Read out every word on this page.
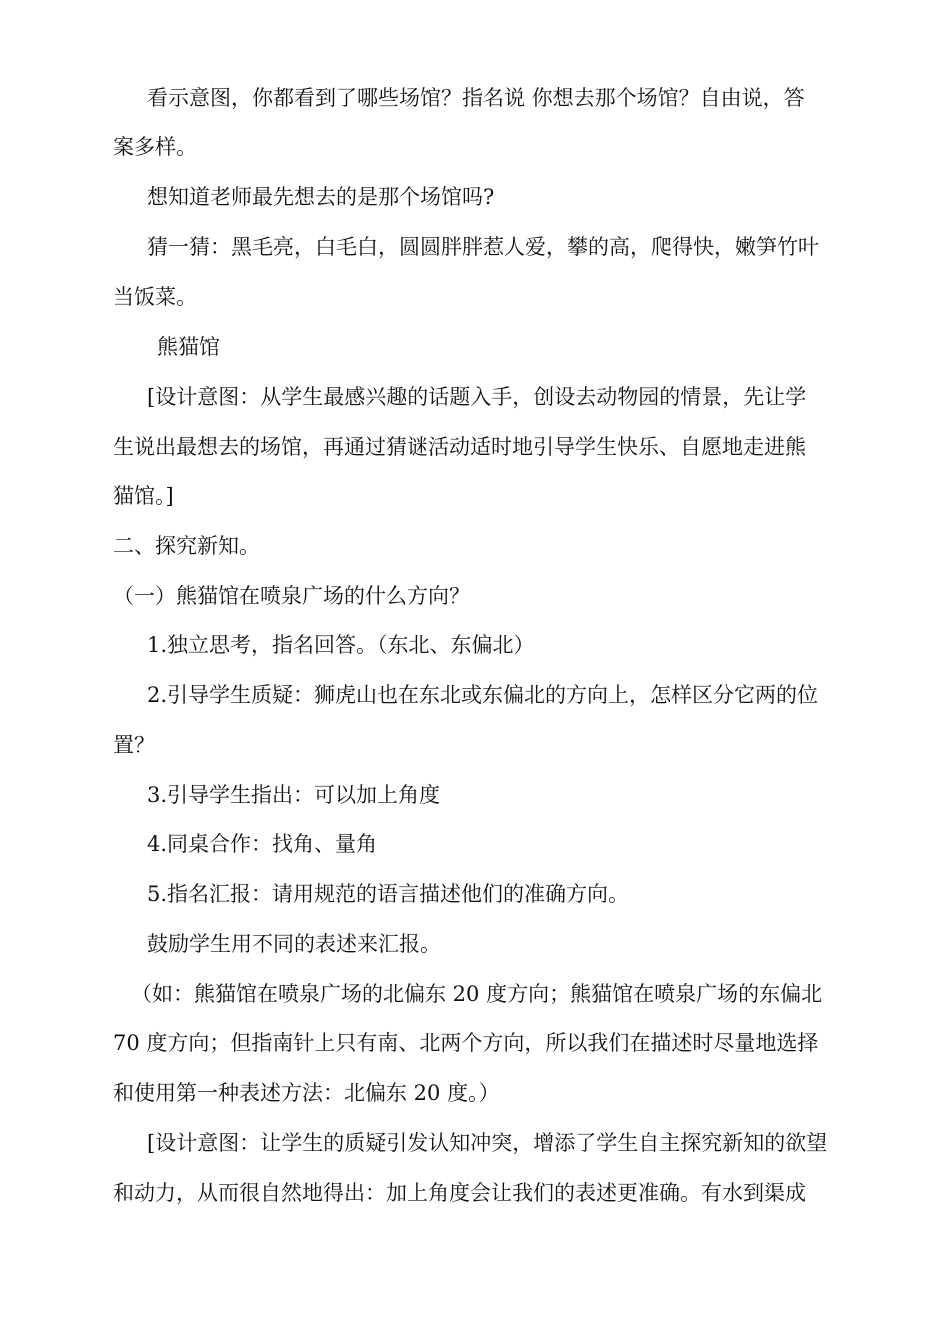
看示意图，你都看到了哪些场馆？指名说 你想去那个场馆？自由说，答
案多样。
想知道老师最先想去的是那个场馆吗?
猜一猜：黑毛亮，白毛白，圆圆胖胖惹人爱，攀的高，爬得快，嫩笋竹叶
当饭菜。
熊猫馆
[设计意图：从学生最感兴趣的话题入手，创设去动物园的情景，先让学
生说出最想去的场馆，再通过猜谜活动适时地引导学生快乐、自愿地走进熊
猫馆。]
二、探究新知。
（一）熊猫馆在喷泉广场的什么方向？
1.独立思考，指名回答。（东北、东偏北）
2.引导学生质疑：狮虎山也在东北或东偏北的方向上，怎样区分它两的位
置？
3.引导学生指出：可以加上角度
4.同桌合作：找角、量角
5.指名汇报：请用规范的语言描述他们的准确方向。
鼓励学生用不同的表述来汇报。
（如：熊猫馆在喷泉广场的北偏东 20 度方向；熊猫馆在喷泉广场的东偏北
70 度方向；但指南针上只有南、北两个方向，所以我们在描述时尽量地选择
和使用第一种表述方法：北偏东 20 度。）
[设计意图：让学生的质疑引发认知冲突，增添了学生自主探究新知的欲望
和动力，从而很自然地得出：加上角度会让我们的表述更准确。有水到渠成
